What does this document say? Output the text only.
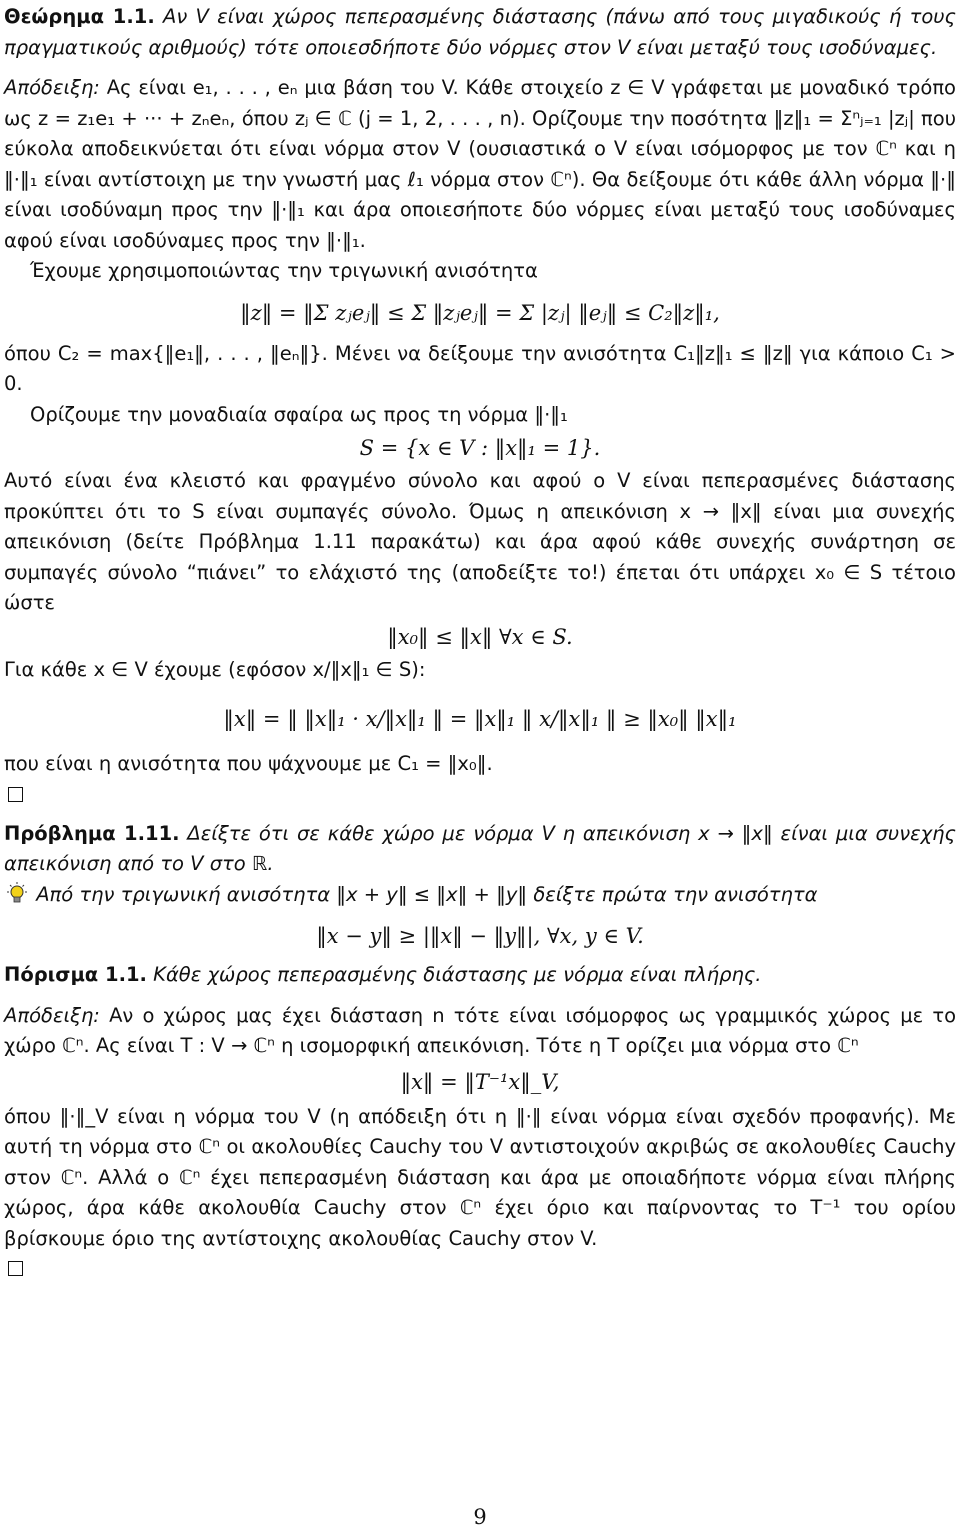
Θεώρημα 1.1. Αν V είναι χώρος πεπερασμένης διάστασης (πάνω από τους μιγαδικούς ή τους πραγματικούς αριθμούς) τότε οποιεσδήποτε δύο νόρμες στον V είναι μεταξύ τους ισοδύναμες.

Απόδειξη: Ας είναι e₁, . . . , eₙ μια βάση του V. Κάθε στοιχείο z ∈ V γράφεται με μοναδικό τρόπο ως z = z₁e₁ + ··· + zₙeₙ, όπου zⱼ ∈ ℂ (j = 1, 2, . . . , n). Ορίζουμε την ποσότητα ‖z‖₁ = Σⁿⱼ₌₁ |zⱼ| που εύκολα αποδεικνύεται ότι είναι νόρμα στον V (ουσιαστικά ο V είναι ισόμορφος με τον ℂⁿ και η ‖·‖₁ είναι αντίστοιχη με την γνωστή μας ℓ₁ νόρμα στον ℂⁿ). Θα δείξουμε ότι κάθε άλλη νόρμα ‖·‖ είναι ισοδύναμη προς την ‖·‖₁ και άρα οποιεσήποτε δύο νόρμες είναι μεταξύ τους ισοδύναμες αφού είναι ισοδύναμες προς την ‖·‖₁.

Έχουμε χρησιμοποιώντας την τριγωνική ανισότητα

‖z‖ = ‖Σ zⱼeⱼ‖ ≤ Σ ‖zⱼeⱼ‖ = Σ |zⱼ| ‖eⱼ‖ ≤ C₂‖z‖₁,

όπου C₂ = max{‖e₁‖, . . . , ‖eₙ‖}. Μένει να δείξουμε την ανισότητα C₁‖z‖₁ ≤ ‖z‖ για κάποιο C₁ > 0.

Ορίζουμε την μοναδιαία σφαίρα ως προς τη νόρμα ‖·‖₁

S = {x ∈ V : ‖x‖₁ = 1}.

Αυτό είναι ένα κλειστό και φραγμένο σύνολο και αφού ο V είναι πεπερασμένες διάστασης προκύπτει ότι το S είναι συμπαγές σύνολο. Όμως η απεικόνιση x → ‖x‖ είναι μια συνεχής απεικόνιση (δείτε Πρόβλημα 1.11 παρακάτω) και άρα αφού κάθε συνεχής συνάρτηση σε συμπαγές σύνολο “πιάνει” το ελάχιστό της (αποδείξτε το!) έπεται ότι υπάρχει x₀ ∈ S τέτοιο ώστε

‖x₀‖ ≤ ‖x‖ ∀x ∈ S.

Για κάθε x ∈ V έχουμε (εφόσον x/‖x‖₁ ∈ S):

‖x‖ = ‖ ‖x‖₁ · x/‖x‖₁ ‖ = ‖x‖₁ ‖ x/‖x‖₁ ‖ ≥ ‖x₀‖ ‖x‖₁

που είναι η ανισότητα που ψάχνουμε με C₁ = ‖x₀‖.

Πρόβλημα 1.11. Δείξτε ότι σε κάθε χώρο με νόρμα V η απεικόνιση x → ‖x‖ είναι μια συνεχής απεικόνιση από το V στο ℝ.

Από την τριγωνική ανισότητα ‖x + y‖ ≤ ‖x‖ + ‖y‖ δείξτε πρώτα την ανισότητα

‖x − y‖ ≥ |‖x‖ − ‖y‖|, ∀x, y ∈ V.

Πόρισμα 1.1. Κάθε χώρος πεπερασμένης διάστασης με νόρμα είναι πλήρης.

Απόδειξη: Αν ο χώρος μας έχει διάσταση n τότε είναι ισόμορφος ως γραμμικός χώρος με το χώρο ℂⁿ. Ας είναι T : V → ℂⁿ η ισομορφική απεικόνιση. Τότε η T ορίζει μια νόρμα στο ℂⁿ

‖x‖ = ‖T⁻¹x‖_V,

όπου ‖·‖_V είναι η νόρμα του V (η απόδειξη ότι η ‖·‖ είναι νόρμα είναι σχεδόν προφανής). Με αυτή τη νόρμα στο ℂⁿ οι ακολουθίες Cauchy του V αντιστοιχούν ακριβώς σε ακολουθίες Cauchy στον ℂⁿ. Αλλά ο ℂⁿ έχει πεπερασμένη διάσταση και άρα με οποιαδήποτε νόρμα είναι πλήρης χώρος, άρα κάθε ακολουθία Cauchy στον ℂⁿ έχει όριο και παίρνοντας το T⁻¹ του ορίου βρίσκουμε όριο της αντίστοιχης ακολουθίας Cauchy στον V.

9
